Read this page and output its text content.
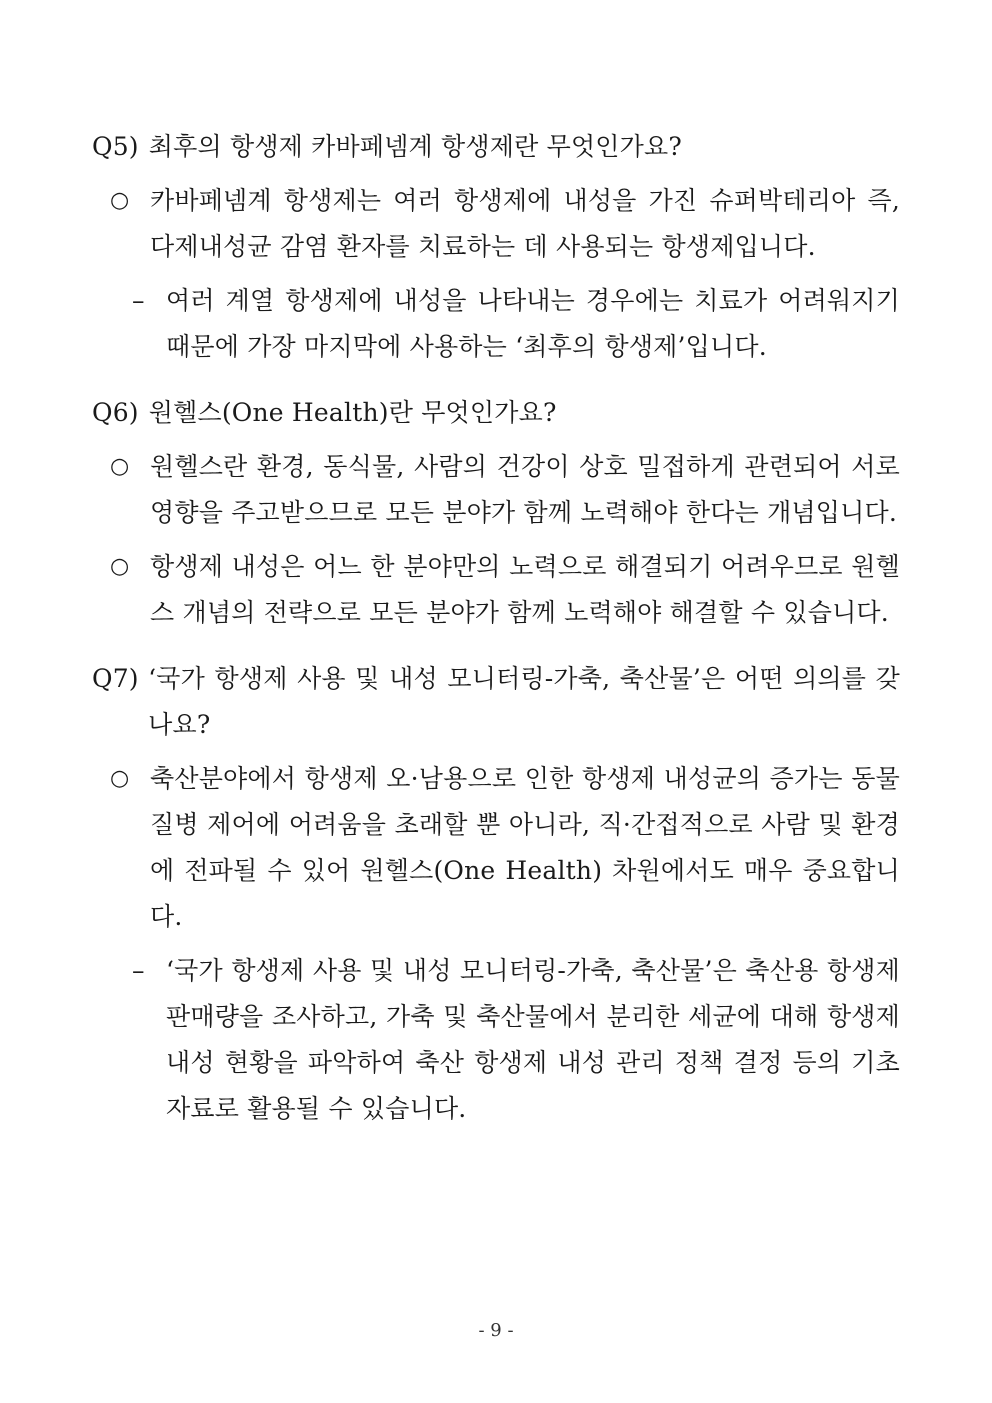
Q5) 최후의 항생제 카바페넴계 항생제란 무엇인가요?
○ 카바페넴계 항생제는 여러 항생제에 내성을 가진 슈퍼박테리아 즉, 다제내성균 감염 환자를 치료하는 데 사용되는 항생제입니다.
– 여러 계열 항생제에 내성을 나타내는 경우에는 치료가 어려워지기 때문에 가장 마지막에 사용하는 ‘최후의 항생제’입니다.
Q6) 원헬스(One Health)란 무엇인가요?
○ 원헬스란 환경, 동식물, 사람의 건강이 상호 밀접하게 관련되어 서로 영향을 주고받으므로 모든 분야가 함께 노력해야 한다는 개념입니다.
○ 항생제 내성은 어느 한 분야만의 노력으로 해결되기 어려우므로 원헬스 개념의 전략으로 모든 분야가 함께 노력해야 해결할 수 있습니다.
Q7) ‘국가 항생제 사용 및 내성 모니터링-가축, 축산물’은 어떤 의의를 갖나요?
○ 축산분야에서 항생제 오·남용으로 인한 항생제 내성균의 증가는 동물 질병 제어에 어려움을 초래할 뿐 아니라, 직·간접적으로 사람 및 환경에 전파될 수 있어 원헬스(One Health) 차원에서도 매우 중요합니다.
– ‘국가 항생제 사용 및 내성 모니터링-가축, 축산물’은 축산용 항생제 판매량을 조사하고, 가축 및 축산물에서 분리한 세균에 대해 항생제 내성 현황을 파악하여 축산 항생제 내성 관리 정책 결정 등의 기초 자료로 활용될 수 있습니다.
- 9 -
